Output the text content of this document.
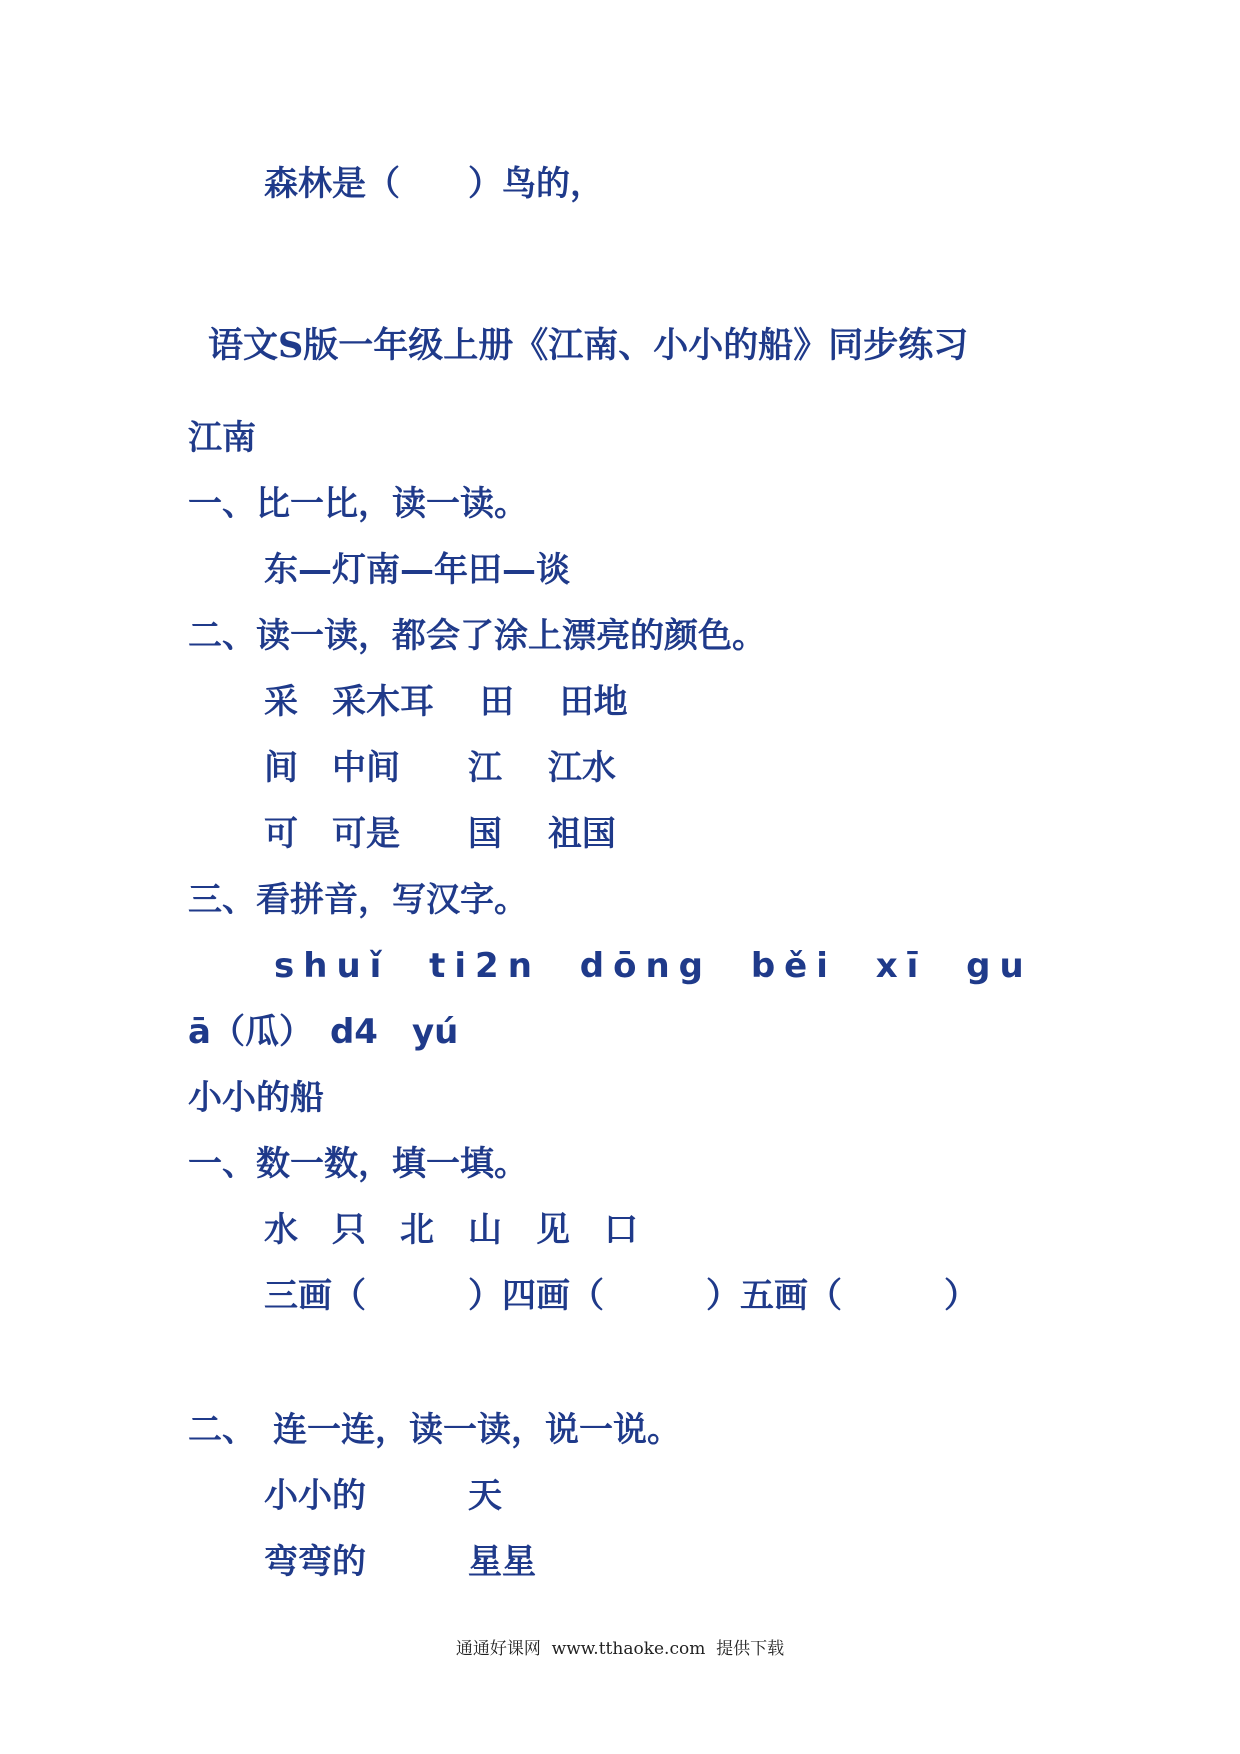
森林是（　　）鸟的，
语文S版一年级上册《江南、小小的船》同步练习
江南
一、比一比，读一读。
东—灯南—年田—谈
二、读一读，都会了涂上漂亮的颜色。
采　采木耳　 田　 田地
间　中间　　江　 江水
可　可是　　国　 祖国
三、看拼音，写汉字。
shuǐ tі2n dōng běi xī gu
ā（瓜）　d4　yú
小小的船
一、数一数，填一填。
水　只　北　山　见　口
三画（　　　）四画（　　　）五画（　　　）
二、　连一连，读一读，说一说。
小小的　　　天
弯弯的　　　星星
通通好课网  www.tthaoke.com  提供下载
